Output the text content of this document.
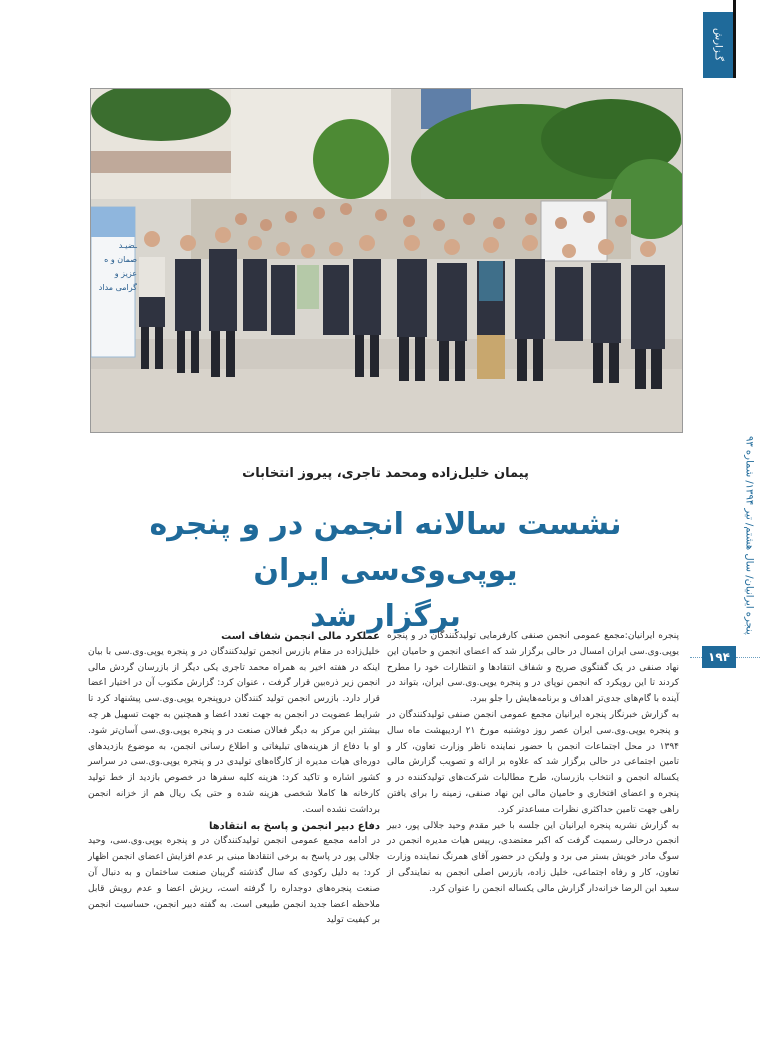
گـزارش
پنجره ایرانیان/ سال هشتم/ تیر ۱۳۹۴/ شماره ۹۳
۱۹۴
ـضیـد
صمان و ه
عزیز و
گرامی مداد
پیمان خلیل‌زاده ومحمد تاجری، پیروز انتخابات
نشست سالانه انجمن در و پنجره یوپی‌وی‌سی ایران
برگزار شد

پنجره ایرانیان:مجمع عمومی انجمن صنفی کارفرمایی تولیدکنندگان در و پنجره یوپی.وی.سی ایران امسال در حالی برگزار شد که اعضای انجمن و حامیان این نهاد صنفی در یک گفتگوی صریح و شفاف انتقادها و انتظارات خود را مطرح کردند تا این رویکرد که انجمن نوپای در و پنجره یوپی.وی.سی ایران، بتواند در آینده با گام‌های جدی‌تر اهداف و برنامه‌هایش را جلو ببرد.

به گزارش خبرنگار پنجره ایرانیان مجمع عمومی انجمن صنفی تولیدکنندگان در و پنجره یوپی.وی.سی ایران عصر روز دوشنبه مورخ ۲۱ اردیبهشت ماه سال ۱۳۹۴ در محل اجتماعات انجمن با حضور نماینده ناظر وزارت تعاون، کار و تامین اجتماعی در حالی برگزار شد که علاوه بر ارائه و تصویب گزارش مالی یکساله انجمن و انتخاب بازرسان، طرح مطالبات شرکت‌های تولیدکننده در و پنجره و اعضای افتخاری و حامیان مالی این نهاد صنفی، زمینه را برای یافتن راهی جهت تامین حداکثری نظرات مساعدتر کرد.

به گزارش نشریه پنجره ایرانیان این جلسه با خیر مقدم وحید جلالی پور، دبیر انجمن درحالی رسمیت گرفت که اکبر معتضدی، رییس هیات مدیره انجمن در سوگ مادر خویش بستر می برد و ولیکن در حضور آقای همرنگ نماینده وزارت تعاون، کار و رفاه اجتماعی، خلیل زاده، بازرس اصلی انجمن به نمایندگی از سعید ابن الرضا خزانه‌دار گزارش مالی یکساله انجمن را عنوان کرد.

عملکرد مالی انجمن شفاف است

خلیل‌زاده در مقام بازرس انجمن تولیدکنندگان در و پنجره یوپی.وی.سی با بیان اینکه در هفته اخیر به همراه محمد تاجری یکی دیگر از بازرسان گردش مالی انجمن زیر ذره‌بین قرار گرفت ، عنوان کرد: گزارش مکتوب آن در اختیار اعضا قرار دارد. بازرس انجمن تولید کنندگان دروپنجره یوپی.وی.سی پیشنهاد کرد تا شرایط عضویت در انجمن به جهت تعدد اعضا و همچنین به جهت تسهیل هر چه بیشتر این مرکز به دیگر فعالان صنعت در و پنجره یوپی.وی.سی آسان‌تر شود. او با دفاع از هزینه‌های تبلیغاتی و اطلاع رسانی انجمن، به موضوع بازدیدهای دوره‌ای هیات مدیره از کارگاه‌های تولیدی در و پنجره یوپی.وی.سی در سراسر کشور اشاره و تاکید کرد: هزینه کلیه سفرها در خصوص بازدید از خط تولید کارخانه ها کاملا شخصی هزینه شده و حتی یک ریال هم از خزانه انجمن برداشت نشده است.

دفاع دبیر انجمن و پاسخ به انتقادها

در ادامه مجمع عمومی انجمن تولیدکنندگان در و پنجره یوپی.وی.سی، وحید جلالی پور در پاسخ به برخی انتقادها مبنی بر عدم افزایش اعضای انجمن اظهار کرد: به دلیل رکودی که سال گذشته گریبان صنعت ساختمان و به دنبال آن صنعت پنجره‌های دوجداره را گرفته است، ریزش اعضا و عدم رویش قابل ملاحظه اعضا جدید انجمن طبیعی است. به گفته دبیر انجمن، حساسیت انجمن بر کیفیت تولید
